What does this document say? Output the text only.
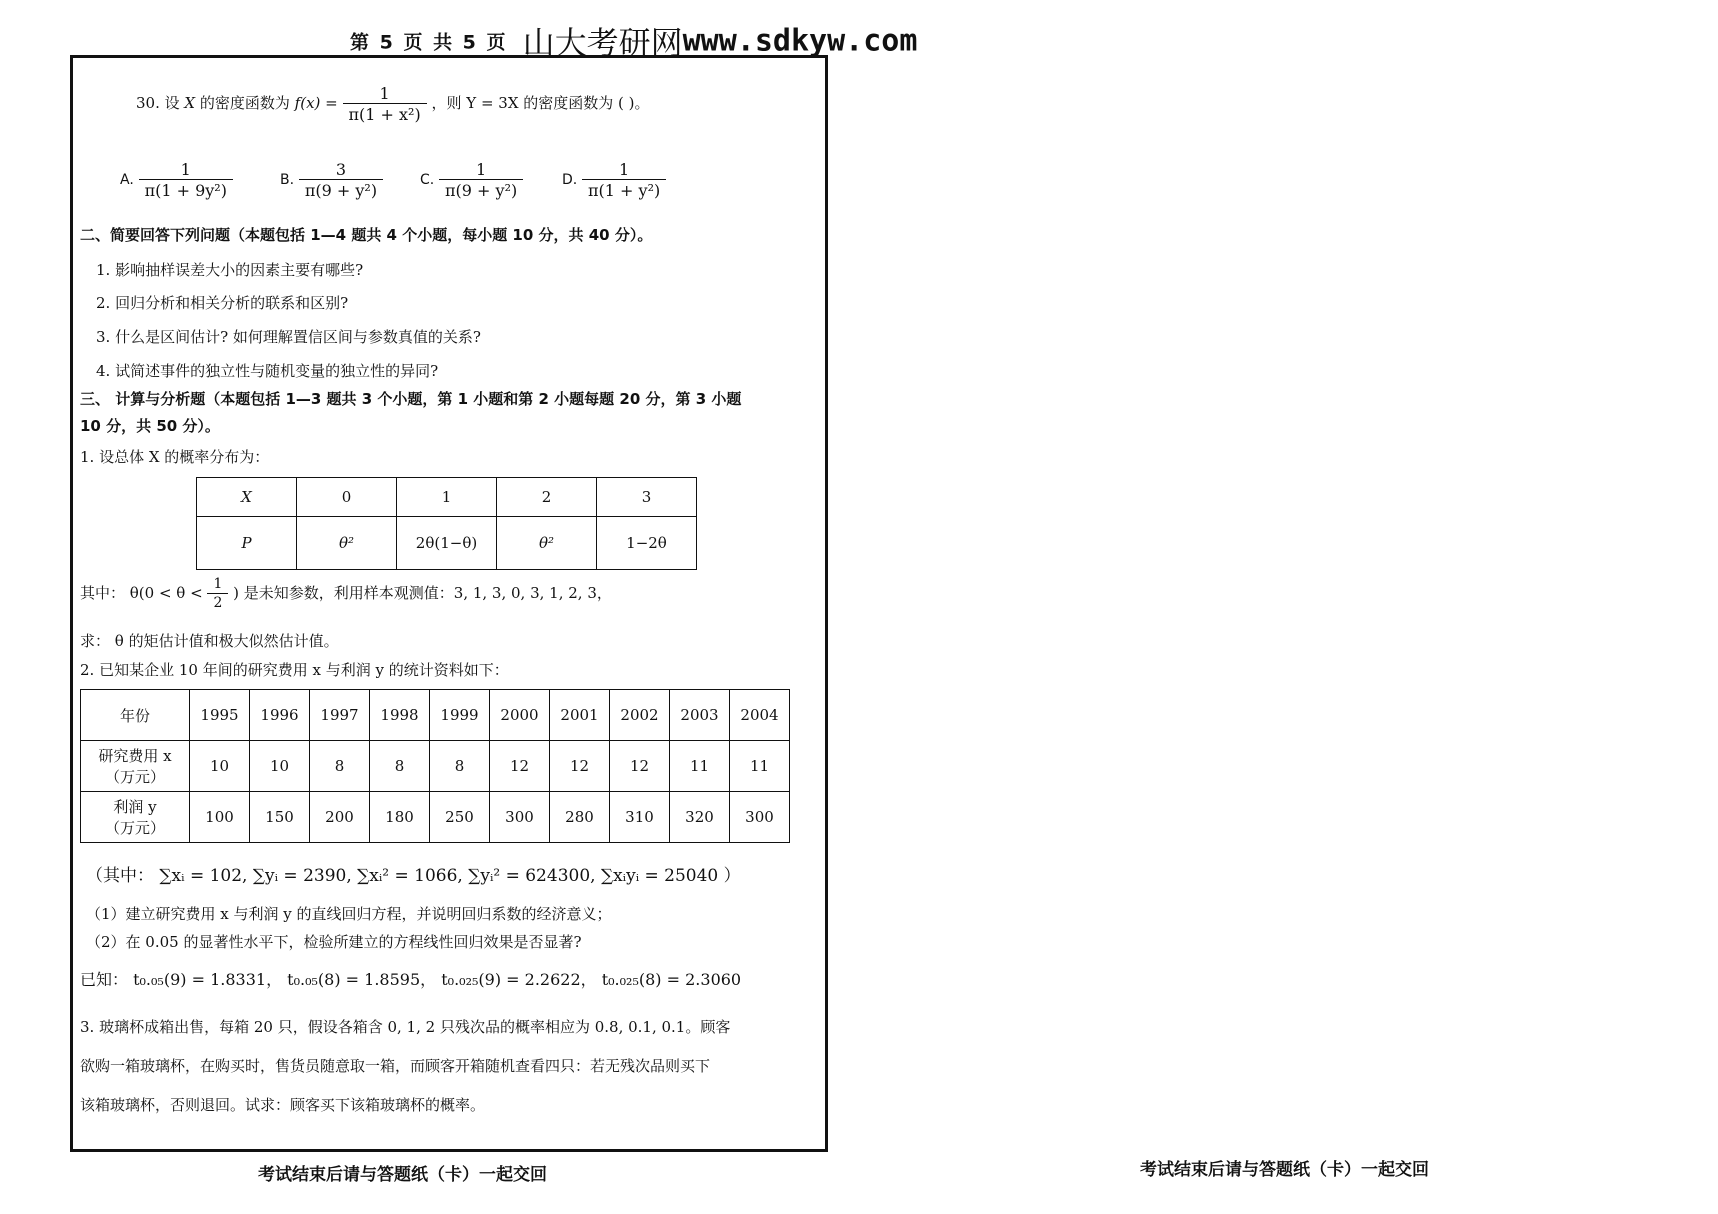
第 5 页 共 5 页 山大考研网www.sdkyw.com
30. 设 X 的密度函数为 $f(x) = \frac{1}{\text{π(1 + x²)}}$ ，则 Y = 3X 的密度函数为 ( )。
A. $\frac{1}{\text{π(1 + 9y²)}}$	B. $\frac{3}{\text{π(9 + y²)}}$	C. $\frac{1}{\text{π(9 + y²)}}$	D. $\frac{1}{\text{π(1 + y²)}}$
二、简要回答下列问题（本题包括 1—4 题共 4 个小题，每小题 10 分，共 40 分）。
1. 影响抽样误差大小的因素主要有哪些?
2. 回归分析和相关分析的联系和区别?
3. 什么是区间估计? 如何理解置信区间与参数真值的关系?
4. 试简述事件的独立性与随机变量的独立性的异同?
三、 计算与分析题（本题包括 1—3 题共 3 个小题，第 1 小题和第 2 小题每题 20 分，第 3 小题
10 分，共 50 分）。
1. 设总体 X 的概率分布为：
X	0	1	2	3
P	θ²	2θ(1−θ)	θ²	1−2θ
其中： $\theta(0 < \theta < \frac{1}{2}$ ) 是未知参数，利用样本观测值：3, 1, 3, 0, 3, 1, 2, 3，
求： θ 的矩估计值和极大似然估计值。
2. 已知某企业 10 年间的研究费用 x 与利润 y 的统计资料如下：
年份	1995	1996	1997	1998	1999	2000	2001	2002	2003	2004

研究费用 x
（万元）	10	10	8	8	8	12	12	12	11	11

利润 y
（万元）	100	150	200	180	250	300	280	310	320	300
（其中： ∑xᵢ = 102, ∑yᵢ = 2390, ∑xᵢ² = 1066, ∑yᵢ² = 624300, ∑xᵢyᵢ = 25040 ）
（1）建立研究费用 x 与利润 y 的直线回归方程，并说明回归系数的经济意义；
（2）在 0.05 的显著性水平下，检验所建立的方程线性回归效果是否显著?
已知： t₀.₀₅(9) = 1.8331， t₀.₀₅(8) = 1.8595， t₀.₀₂₅(9) = 2.2622， t₀.₀₂₅(8) = 2.3060
3. 玻璃杯成箱出售，每箱 20 只，假设各箱含 0, 1, 2 只残次品的概率相应为 0.8, 0.1, 0.1。顾客
欲购一箱玻璃杯，在购买时，售货员随意取一箱，而顾客开箱随机查看四只：若无残次品则买下
该箱玻璃杯，否则退回。试求：顾客买下该箱玻璃杯的概率。
考试结束后请与答题纸（卡）一起交回	考试结束后请与答题纸（卡）一起交回
